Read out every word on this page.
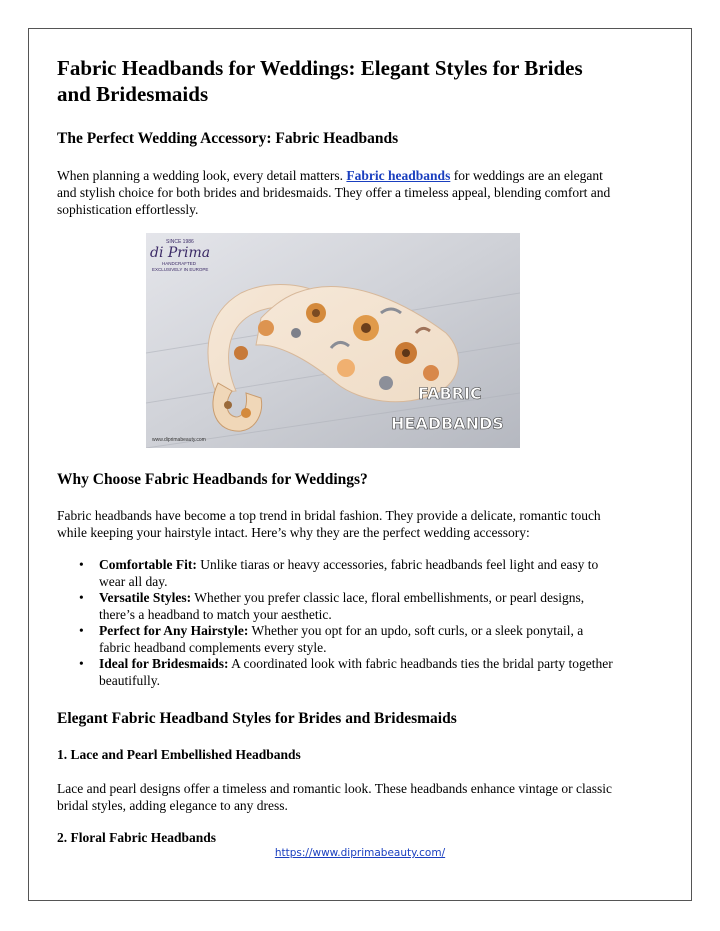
Fabric Headbands for Weddings: Elegant Styles for Brides and Bridesmaids
The Perfect Wedding Accessory: Fabric Headbands

When planning a wedding look, every detail matters. Fabric headbands for weddings are an elegant and stylish choice for both brides and bridesmaids. They offer a timeless appeal, blending comfort and sophistication effortlessly.

SINCE 1986
di Prima
HANDCRAFTED
EXCLUSIVELY IN EUROPE
FABRIC
HEADBANDS
www.diprimabeauty.com
Why Choose Fabric Headbands for Weddings?

Fabric headbands have become a top trend in bridal fashion. They provide a delicate, romantic touch while keeping your hairstyle intact. Here’s why they are the perfect wedding accessory:

• Comfortable Fit: Unlike tiaras or heavy accessories, fabric headbands feel light and easy to wear all day.
• Versatile Styles: Whether you prefer classic lace, floral embellishments, or pearl designs, there’s a headband to match your aesthetic.
• Perfect for Any Hairstyle: Whether you opt for an updo, soft curls, or a sleek ponytail, a fabric headband complements every style.
• Ideal for Bridesmaids: A coordinated look with fabric headbands ties the bridal party together beautifully.
Elegant Fabric Headband Styles for Brides and Bridesmaids
1. Lace and Pearl Embellished Headbands

Lace and pearl designs offer a timeless and romantic look. These headbands enhance vintage or classic bridal styles, adding elegance to any dress.

2. Floral Fabric Headbands
https://www.diprimabeauty.com/
